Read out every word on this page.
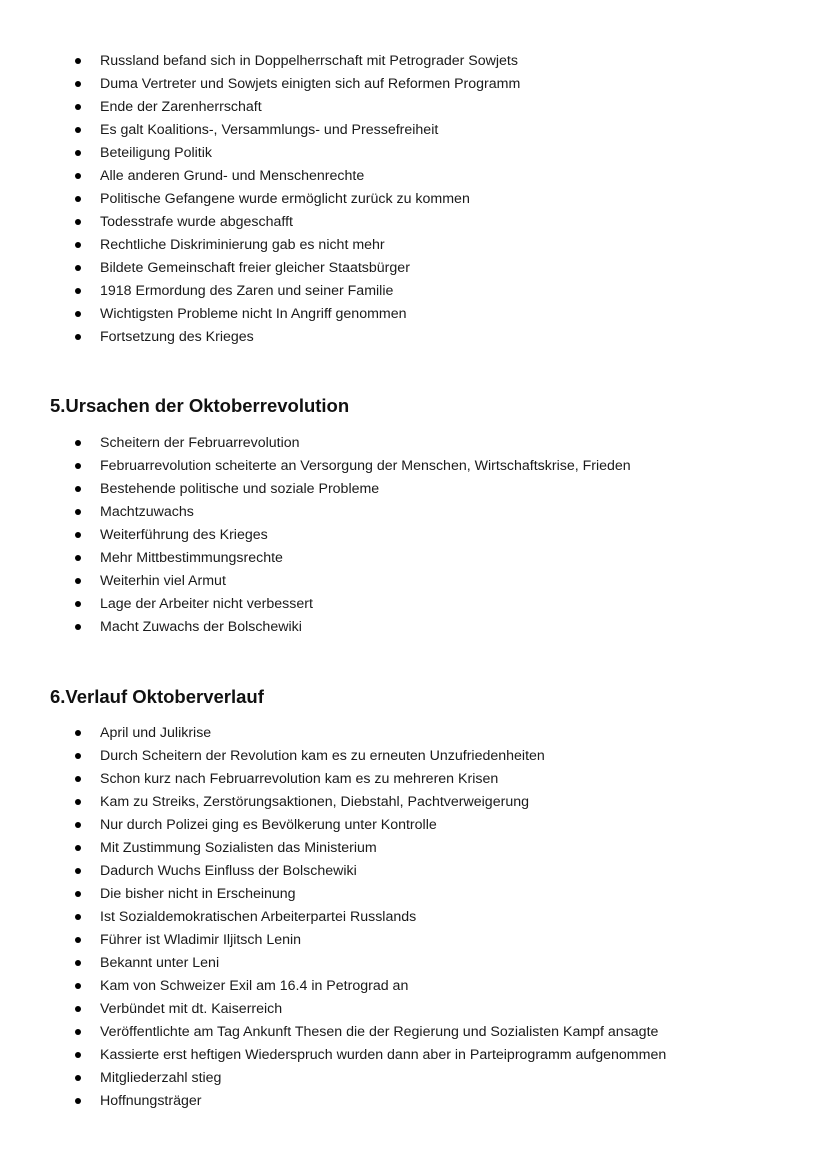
Russland befand sich in Doppelherrschaft mit Petrograder Sowjets
Duma Vertreter und Sowjets einigten sich auf Reformen Programm
Ende der Zarenherrschaft
Es galt Koalitions-, Versammlungs- und Pressefreiheit
Beteiligung Politik
Alle anderen Grund- und Menschenrechte
Politische Gefangene wurde ermöglicht zurück zu kommen
Todesstrafe wurde abgeschafft
Rechtliche Diskriminierung gab es nicht mehr
Bildete Gemeinschaft freier gleicher Staatsbürger
1918 Ermordung des Zaren und seiner Familie
Wichtigsten Probleme nicht In Angriff genommen
Fortsetzung des Krieges
5.Ursachen der Oktoberrevolution
Scheitern der Februarrevolution
Februarrevolution scheiterte an Versorgung der Menschen, Wirtschaftskrise, Frieden
Bestehende politische und soziale Probleme
Machtzuwachs
Weiterführung des Krieges
Mehr Mittbestimmungsrechte
Weiterhin viel Armut
Lage der Arbeiter nicht verbessert
Macht Zuwachs der Bolschewiki
6.Verlauf Oktoberverlauf
April und Julikrise
Durch Scheitern der Revolution kam es zu erneuten Unzufriedenheiten
Schon kurz nach Februarrevolution kam es zu mehreren Krisen
Kam zu Streiks, Zerstörungsaktionen, Diebstahl, Pachtverweigerung
Nur durch Polizei ging es Bevölkerung unter Kontrolle
Mit Zustimmung Sozialisten das Ministerium
Dadurch Wuchs Einfluss der Bolschewiki
Die bisher nicht in Erscheinung
Ist Sozialdemokratischen Arbeiterpartei Russlands
Führer ist Wladimir Iljitsch Lenin
Bekannt unter Leni
Kam von Schweizer Exil am 16.4 in Petrograd an
Verbündet mit dt. Kaiserreich
Veröffentlichte am Tag Ankunft Thesen die der Regierung und Sozialisten Kampf ansagte
Kassierte erst heftigen Wiederspruch wurden dann aber in Parteiprogramm aufgenommen
Mitgliederzahl stieg
Hoffnungsträger
